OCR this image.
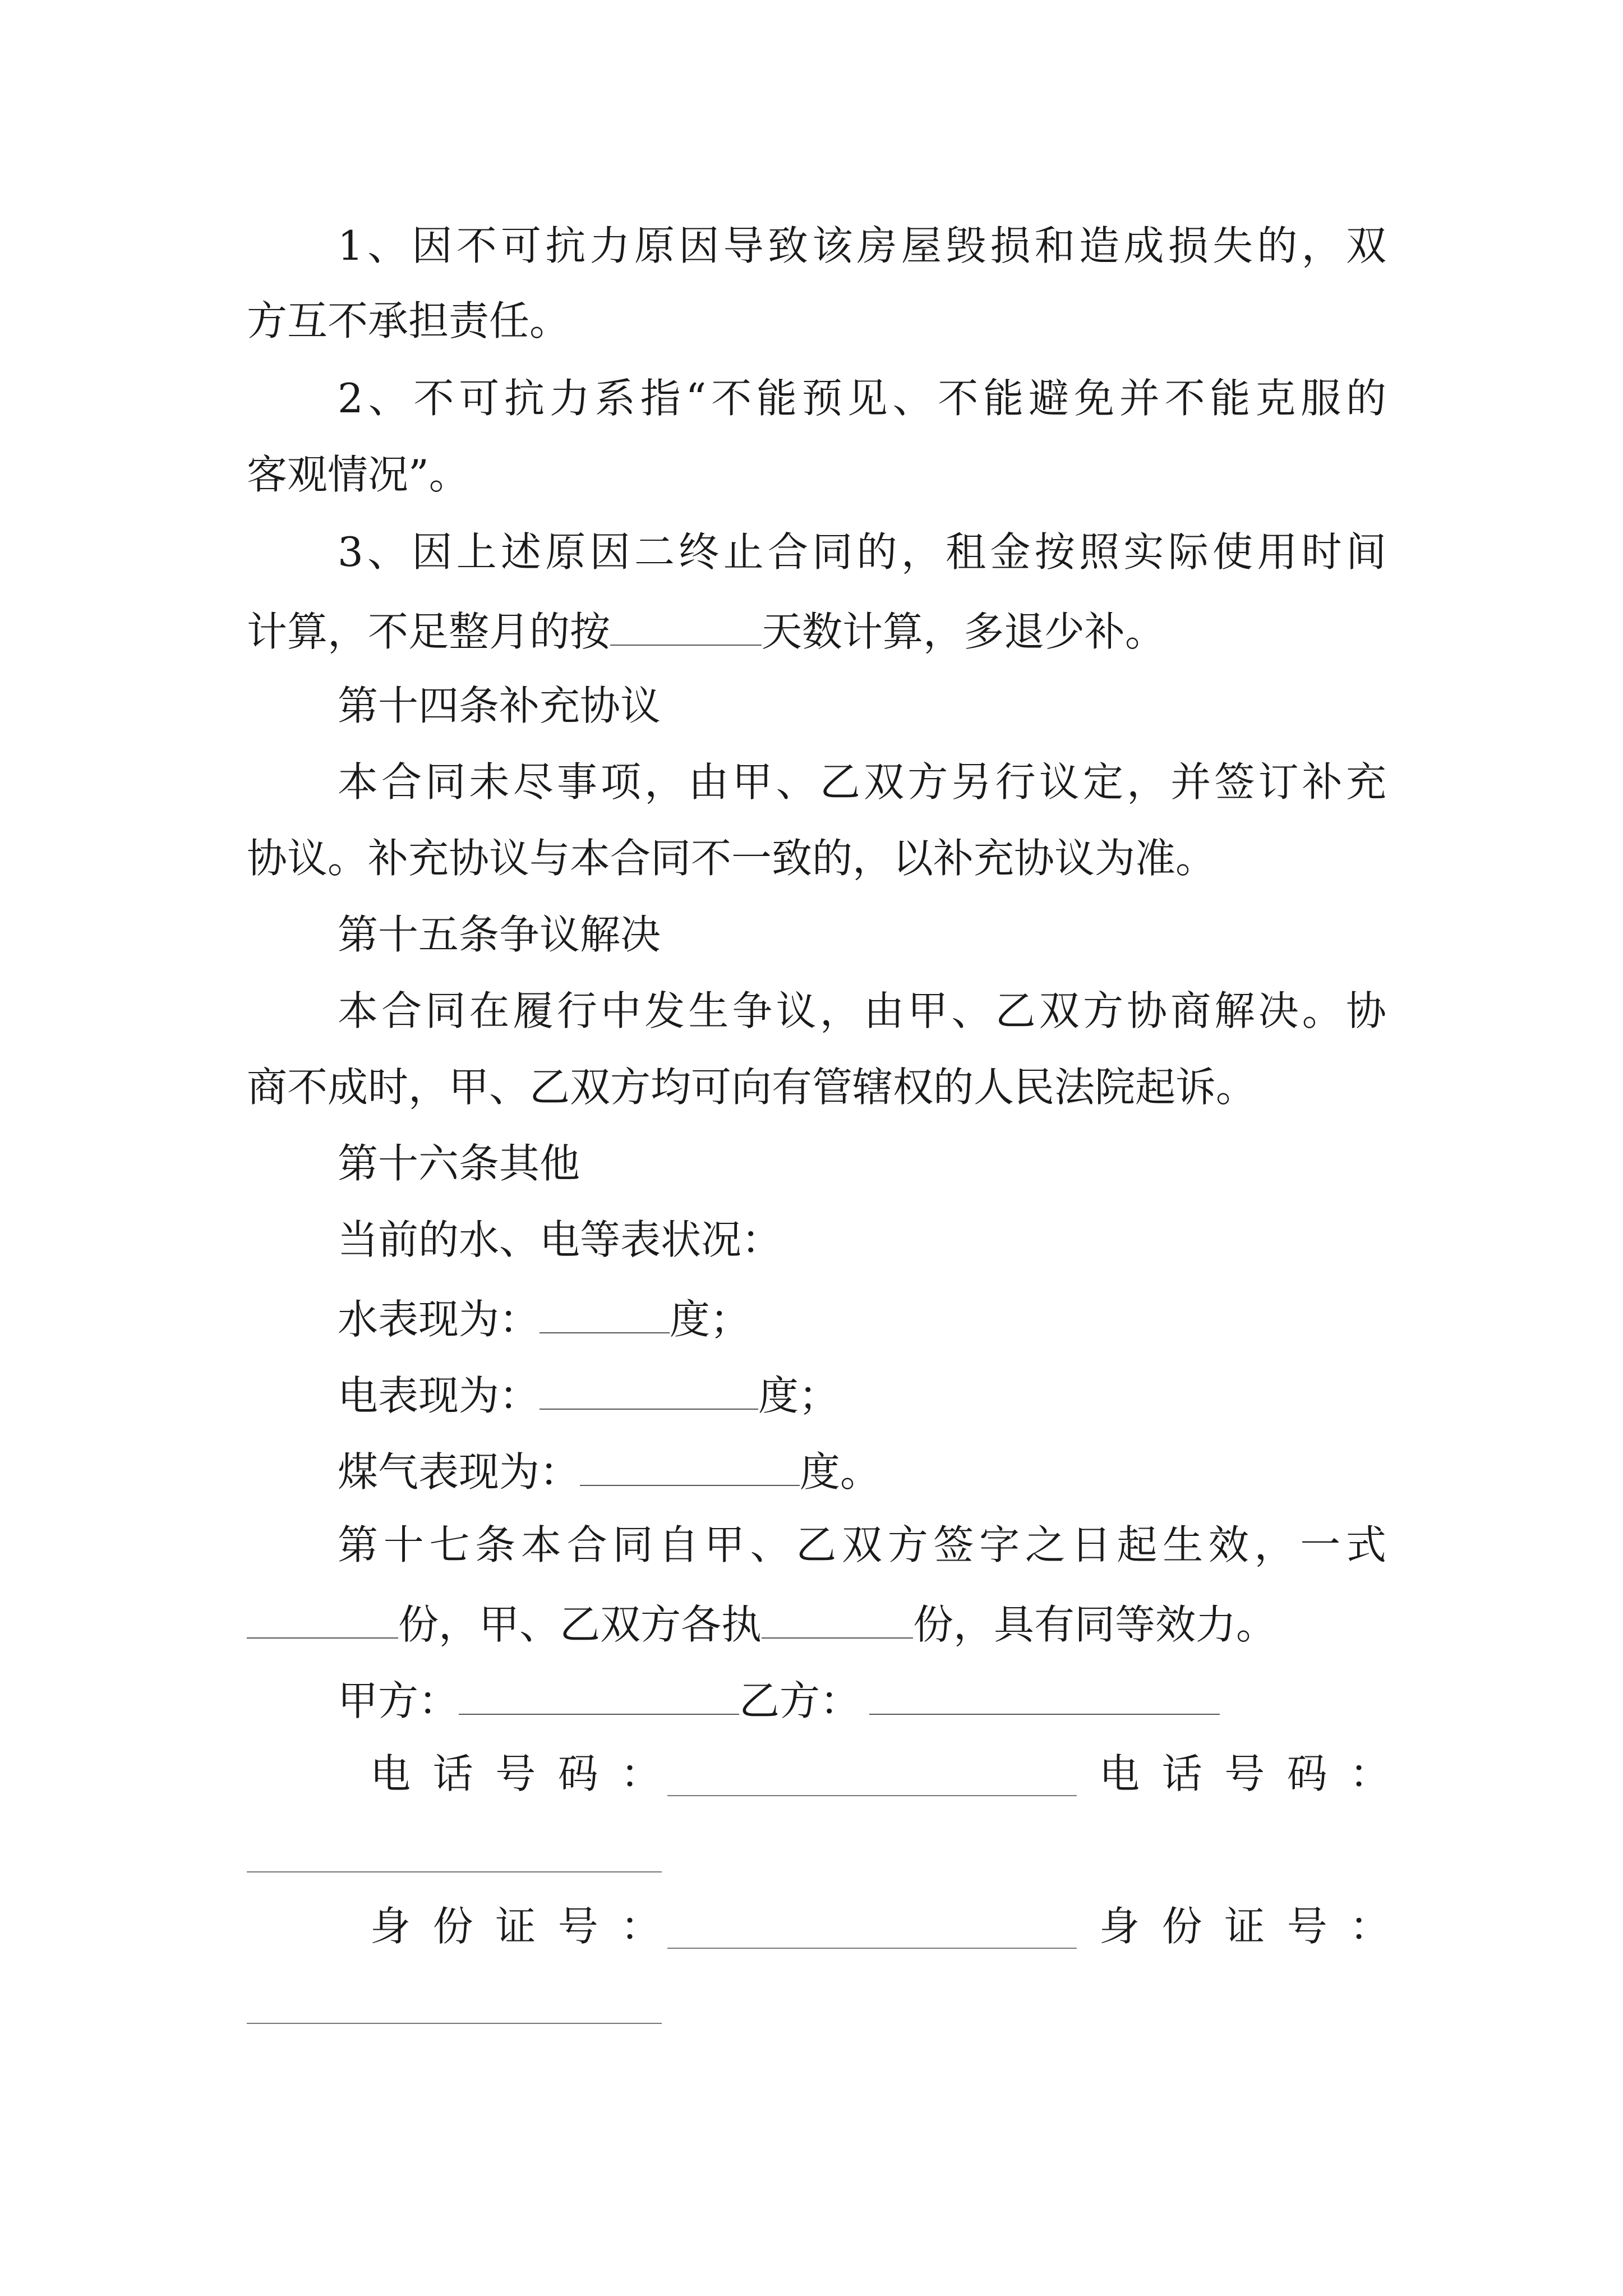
1、因不可抗力原因导致该房屋毁损和造成损失的，双
方互不承担责任。
2、不可抗力系指“不能预见、不能避免并不能克服的
客观情况”。
3、因上述原因二终止合同的，租金按照实际使用时间
计算，不足整月的按	天数计算，多退少补。
第十四条补充协议
本合同未尽事项，由甲、乙双方另行议定，并签订补充
协议。补充协议与本合同不一致的，以补充协议为准。
第十五条争议解决
本合同在履行中发生争议，由甲、乙双方协商解决。协
商不成时，甲、乙双方均可向有管辖权的人民法院起诉。
第十六条其他
当前的水、电等表状况：
水表现为：	度；
电表现为：	度；
煤气表现为：	度。
第十七条本合同自甲、乙双方签字之日起生效，一式
份，甲、乙双方各执	份，具有同等效力。
甲方：	乙方：
电话号码：	电话号码：
身份证号：	身份证号：
